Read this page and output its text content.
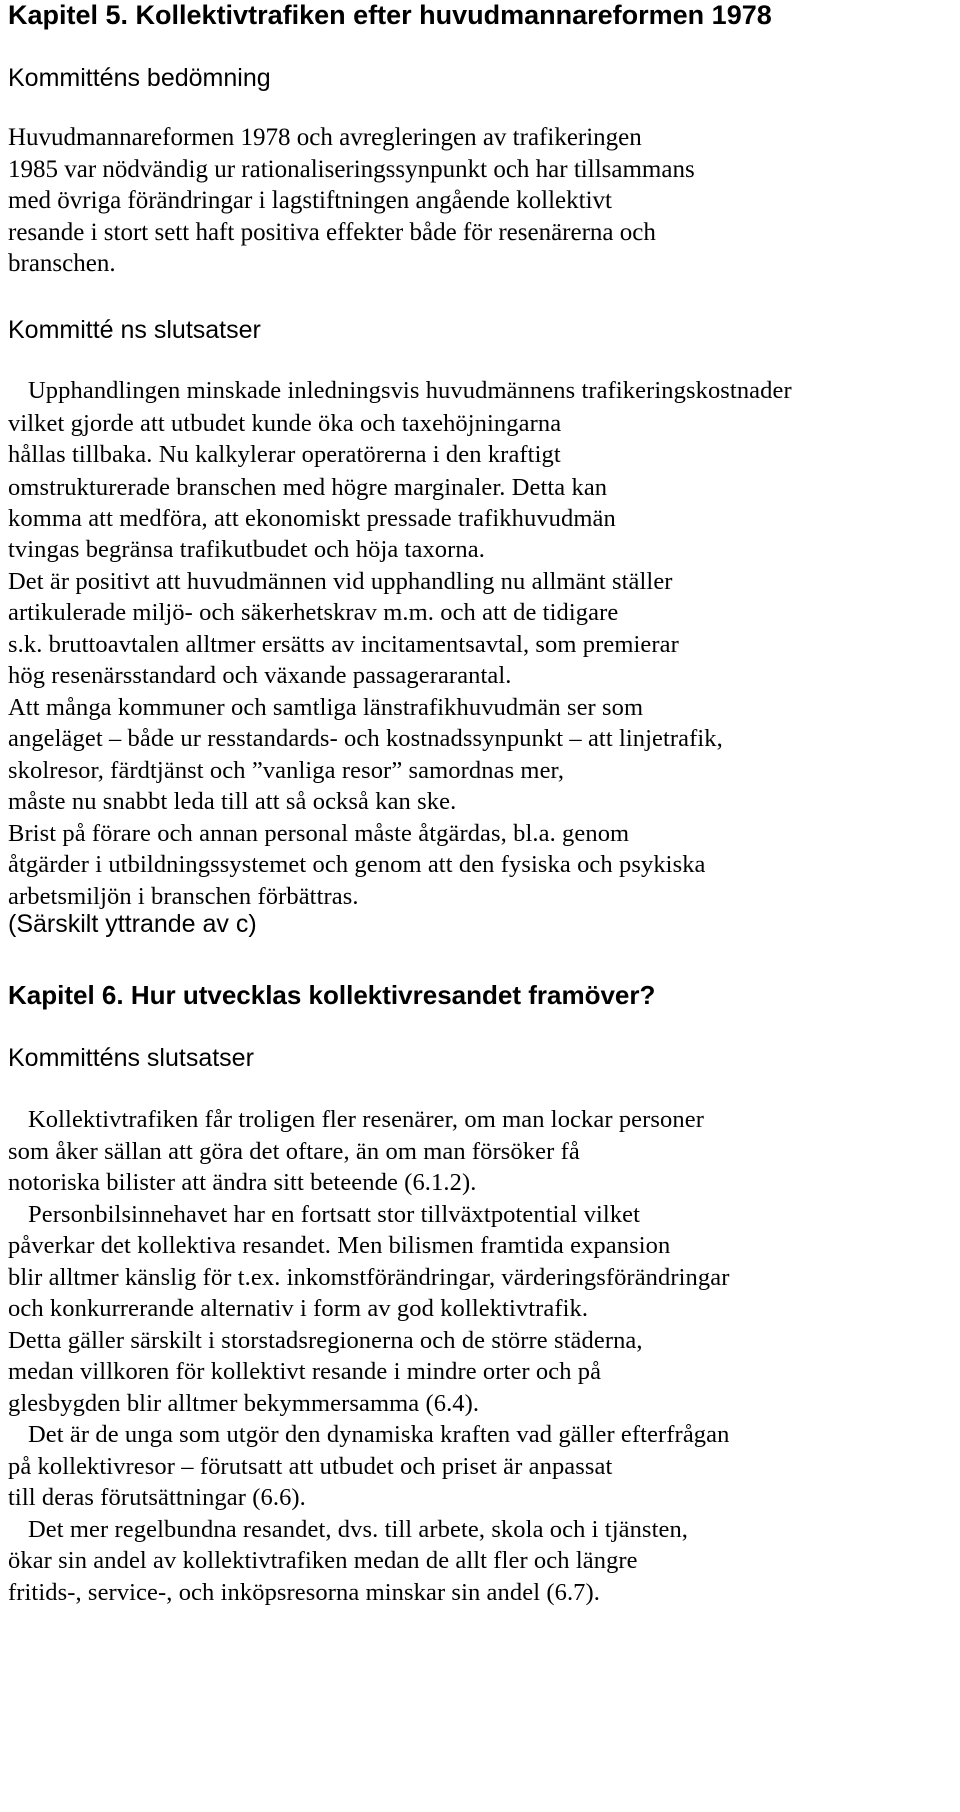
Kapitel 5. Kollektivtrafiken efter huvudmannareformen 1978
Kommitténs bedömning
Huvudmannareformen 1978 och avregleringen av trafikeringen
1985 var nödvändig ur rationaliseringssynpunkt och har tillsammans
med övriga förändringar i lagstiftningen angående kollektivt
resande i stort sett haft positiva effekter både för resenärerna och
branschen.
Kommitté ns slutsatser
Upphandlingen minskade inledningsvis huvudmännens trafikeringskostnader
vilket gjorde att utbudet kunde öka och taxehöjningarna
hållas tillbaka. Nu kalkylerar operatörerna i den kraftigt
omstrukturerade branschen med högre marginaler. Detta kan
komma att medföra, att ekonomiskt pressade trafikhuvudmän
tvingas begränsa trafikutbudet och höja taxorna.
Det är positivt att huvudmännen vid upphandling nu allmänt ställer
artikulerade miljö- och säkerhetskrav m.m. och att de tidigare
s.k. bruttoavtalen alltmer ersätts av incitamentsavtal, som premierar
hög resenärsstandard och växande passagerarantal.
Att många kommuner och samtliga länstrafikhuvudmän ser som
angeläget – både ur resstandards- och kostnadssynpunkt – att linjetrafik,
skolresor, färdtjänst och ”vanliga resor” samordnas mer,
måste nu snabbt leda till att så också kan ske.
Brist på förare och annan personal måste åtgärdas, bl.a. genom
åtgärder i utbildningssystemet och genom att den fysiska och psykiska
arbetsmiljön i branschen förbättras.
(Särskilt yttrande av c)
Kapitel 6. Hur utvecklas kollektivresandet framöver?
Kommitténs slutsatser
Kollektivtrafiken får troligen fler resenärer, om man lockar personer
som åker sällan att göra det oftare, än om man försöker få
notoriska bilister att ändra sitt beteende (6.1.2).
Personbilsinnehavet har en fortsatt stor tillväxtpotential vilket
påverkar det kollektiva resandet. Men bilismen framtida expansion
blir alltmer känslig för t.ex. inkomstförändringar, värderingsförändringar
och konkurrerande alternativ i form av god kollektivtrafik.
Detta gäller särskilt i storstadsregionerna och de större städerna,
medan villkoren för kollektivt resande i mindre orter och på
glesbygden blir alltmer bekymmersamma (6.4).
Det är de unga som utgör den dynamiska kraften vad gäller efterfrågan
på kollektivresor – förutsatt att utbudet och priset är anpassat
till deras förutsättningar (6.6).
Det mer regelbundna resandet, dvs. till arbete, skola och i tjänsten,
ökar sin andel av kollektivtrafiken medan de allt fler och längre
fritids-, service-, och inköpsresorna minskar sin andel (6.7).
